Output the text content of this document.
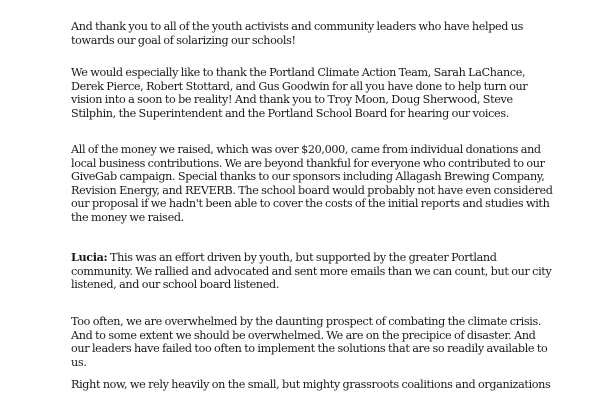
And thank you to all of the youth activists and community leaders who have helped us
towards our goal of solarizing our schools!
We would especially like to thank the Portland Climate Action Team, Sarah LaChance,
Derek Pierce, Robert Stottard, and Gus Goodwin for all you have done to help turn our
vision into a soon to be reality! And thank you to Troy Moon, Doug Sherwood, Steve
Stilphin, the Superintendent and the Portland School Board for hearing our voices.
All of the money we raised, which was over $20,000, came from individual donations and
local business contributions. We are beyond thankful for everyone who contributed to our
GiveGab campaign. Special thanks to our sponsors including Allagash Brewing Company,
Revision Energy, and REVERB. The school board would probably not have even considered
our proposal if we hadn't been able to cover the costs of the initial reports and studies with
the money we raised.
Lucia: This was an effort driven by youth, but supported by the greater Portland
community. We rallied and advocated and sent more emails than we can count, but our city
listened, and our school board listened.
Too often, we are overwhelmed by the daunting prospect of combating the climate crisis.
And to some extent we should be overwhelmed. We are on the precipice of disaster. And
our leaders have failed too often to implement the solutions that are so readily available to
us.
Right now, we rely heavily on the small, but mighty grassroots coalitions and organizations
